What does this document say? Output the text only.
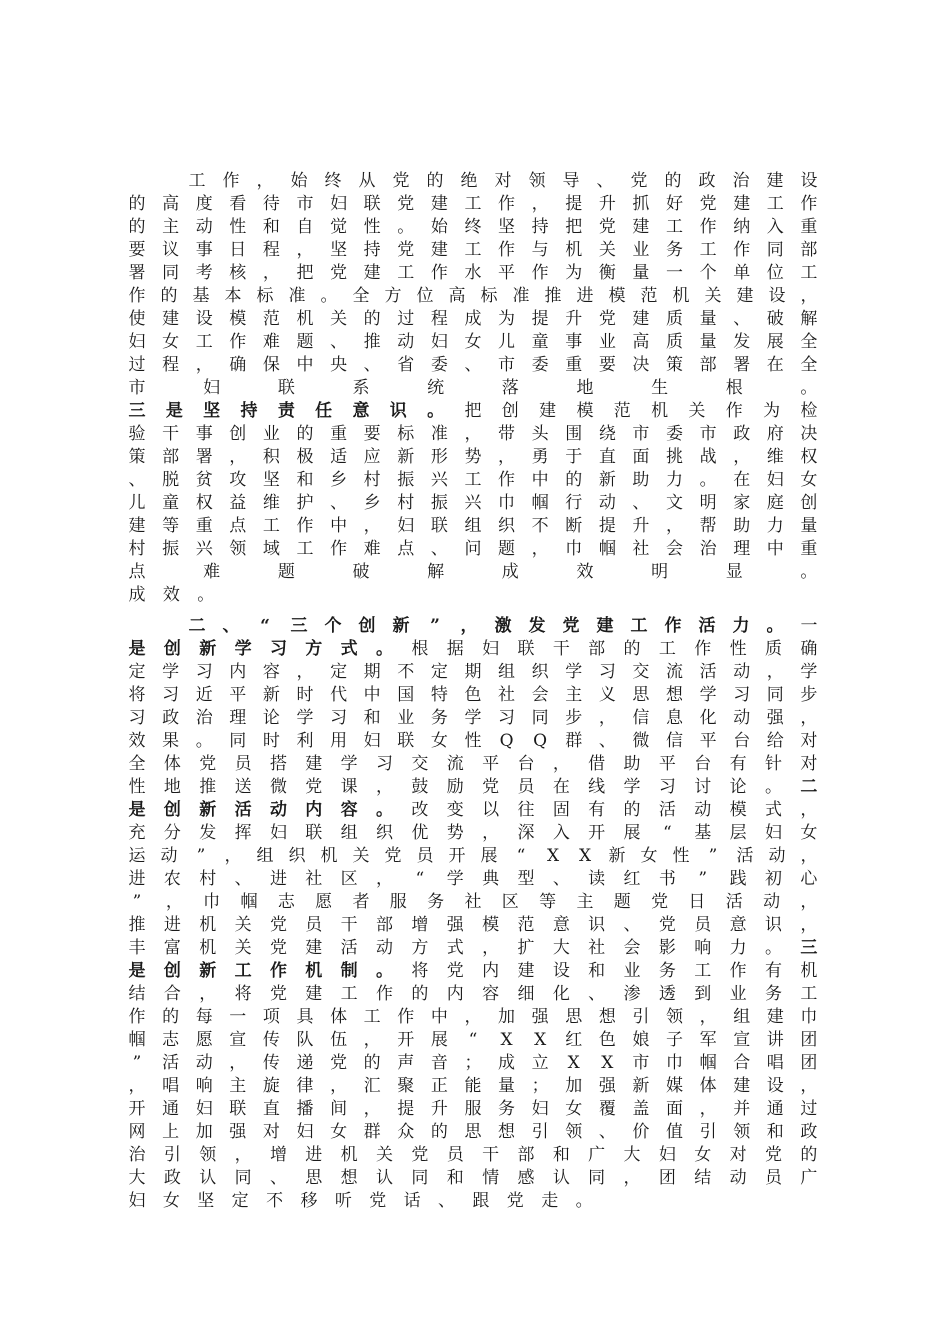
工 作 ， 始 终 从 党 的 绝 对 领 导 、 党 的 政 治 建 设
的 高 度 看 待 市 妇 联 党 建 工 作 ， 提 升 抓 好 党 建 工 作
的 主 动 性 和 自 觉 性 。 始 终 坚 持 把 党 建 工 作 纳 入 重
要 议 事 日 程 ， 坚 持 党 建 工 作 与 机 关 业 务 工 作 同 部
署 同 考 核 ， 把 党 建 工 作 水 平 作 为 衡 量 一 个 单 位 工
作 的 基 本 标 准 。 全 方 位 高 标 准 推 进 模 范 机 关 建 设 ，
使 建 设 模 范 机 关 的 过 程 成 为 提 升 党 建 质 量 、 破 解
妇 女 工 作 难 题 、 推 动 妇 女 儿 童 事 业 高 质 量 发 展 全
过 程 ， 确 保 中 央 、 省 委 、 市 委 重 要 决 策 部 署 在 全
市	妇	联	系	统	落	地	生	根	。
三 是 坚 持 责 任 意 识 。 把 创 建 模 范 机 关 作 为 检
验 干 事 创 业 的 重 要 标 准 ， 带 头 围 绕 市 委 市 政 府 决
策 部 署 ， 积 极 适 应 新 形 势 ， 勇 于 直 面 挑 战 ， 维 权
、 脱 贫 攻 坚 和 乡 村 振 兴 工 作 中 的 新 助 力 。 在 妇 女
儿 童 权 益 维 护 、 乡 村 振 兴 巾 帼 行 动 、 文 明 家 庭 创
建 等 重 点 工 作 中 ， 妇 联 组 织 不 断 提 升 ， 帮 助 力 量
村 振 兴 领 域 工 作 难 点 、 问 题 ， 巾 帼 社 会 治 理 中 重
点	难	题	破	解	成	效	明	显	。
成 效 。
二 、 “ 三 个 创 新 ” ， 激 发 党 建 工 作 活 力 。 一
是 创 新 学 习 方 式 。 根 据 妇 联 干 部 的 工 作 性 质 确
定 学 习 内 容 ， 定 期 不 定 期 组 织 学 习 交 流 活 动 ， 学
将 习 近 平 新 时 代 中 国 特 色 社 会 主 义 思 想 学 习 同 步
习 政 治 理 论 学 习 和 业 务 学 习 同 步 ， 信 息 化 动 强 ，
效 果 。 同 时 利 用 妇 联 女 性 Q Q 群 、 微 信 平 台 给 对
全 体 党 员 搭 建 学 习 交 流 平 台 ， 借 助 平 台 有 针 对
性 地 推 送 微 党 课 ， 鼓 励 党 员 在 线 学 习 讨 论 。 二
是 创 新 活 动 内 容 。 改 变 以 往 固 有 的 活 动 模 式 ，
充 分 发 挥 妇 联 组 织 优 势 ， 深 入 开 展 “ 基 层 妇 女
运 动 ” ， 组 织 机 关 党 员 开 展 “ X X 新 女 性 ” 活 动 ，
进 农 村 、 进 社 区 ， “ 学 典 型 、 读 红 书 ” 践 初 心
” ， 巾 帼 志 愿 者 服 务 社 区 等 主 题 党 日 活 动 ，
推 进 机 关 党 员 干 部 增 强 模 范 意 识 、 党 员 意 识 ，
丰 富 机 关 党 建 活 动 方 式 ， 扩 大 社 会 影 响 力 。 三
是 创 新 工 作 机 制 。 将 党 内 建 设 和 业 务 工 作 有 机
结 合 ， 将 党 建 工 作 的 内 容 细 化 、 渗 透 到 业 务 工
作 的 每 一 项 具 体 工 作 中 ， 加 强 思 想 引 领 ， 组 建 巾
帼 志 愿 宣 传 队 伍 ， 开 展 “ X X 红 色 娘 子 军 宣 讲 团
” 活 动 ， 传 递 党 的 声 音 ； 成 立 X X 市 巾 帼 合 唱 团
， 唱 响 主 旋 律 ， 汇 聚 正 能 量 ； 加 强 新 媒 体 建 设 ，
开 通 妇 联 直 播 间 ， 提 升 服 务 妇 女 覆 盖 面 ， 并 通 过
网 上 加 强 对 妇 女 群 众 的 思 想 引 领 、 价 值 引 领 和 政
治 引 领 ， 增 进 机 关 党 员 干 部 和 广 大 妇 女 对 党 的
大 政 认 同 、 思 想 认 同 和 情 感 认 同 ， 团 结 动 员 广
妇 女 坚 定 不 移 听 党 话 、 跟 党 走 。
